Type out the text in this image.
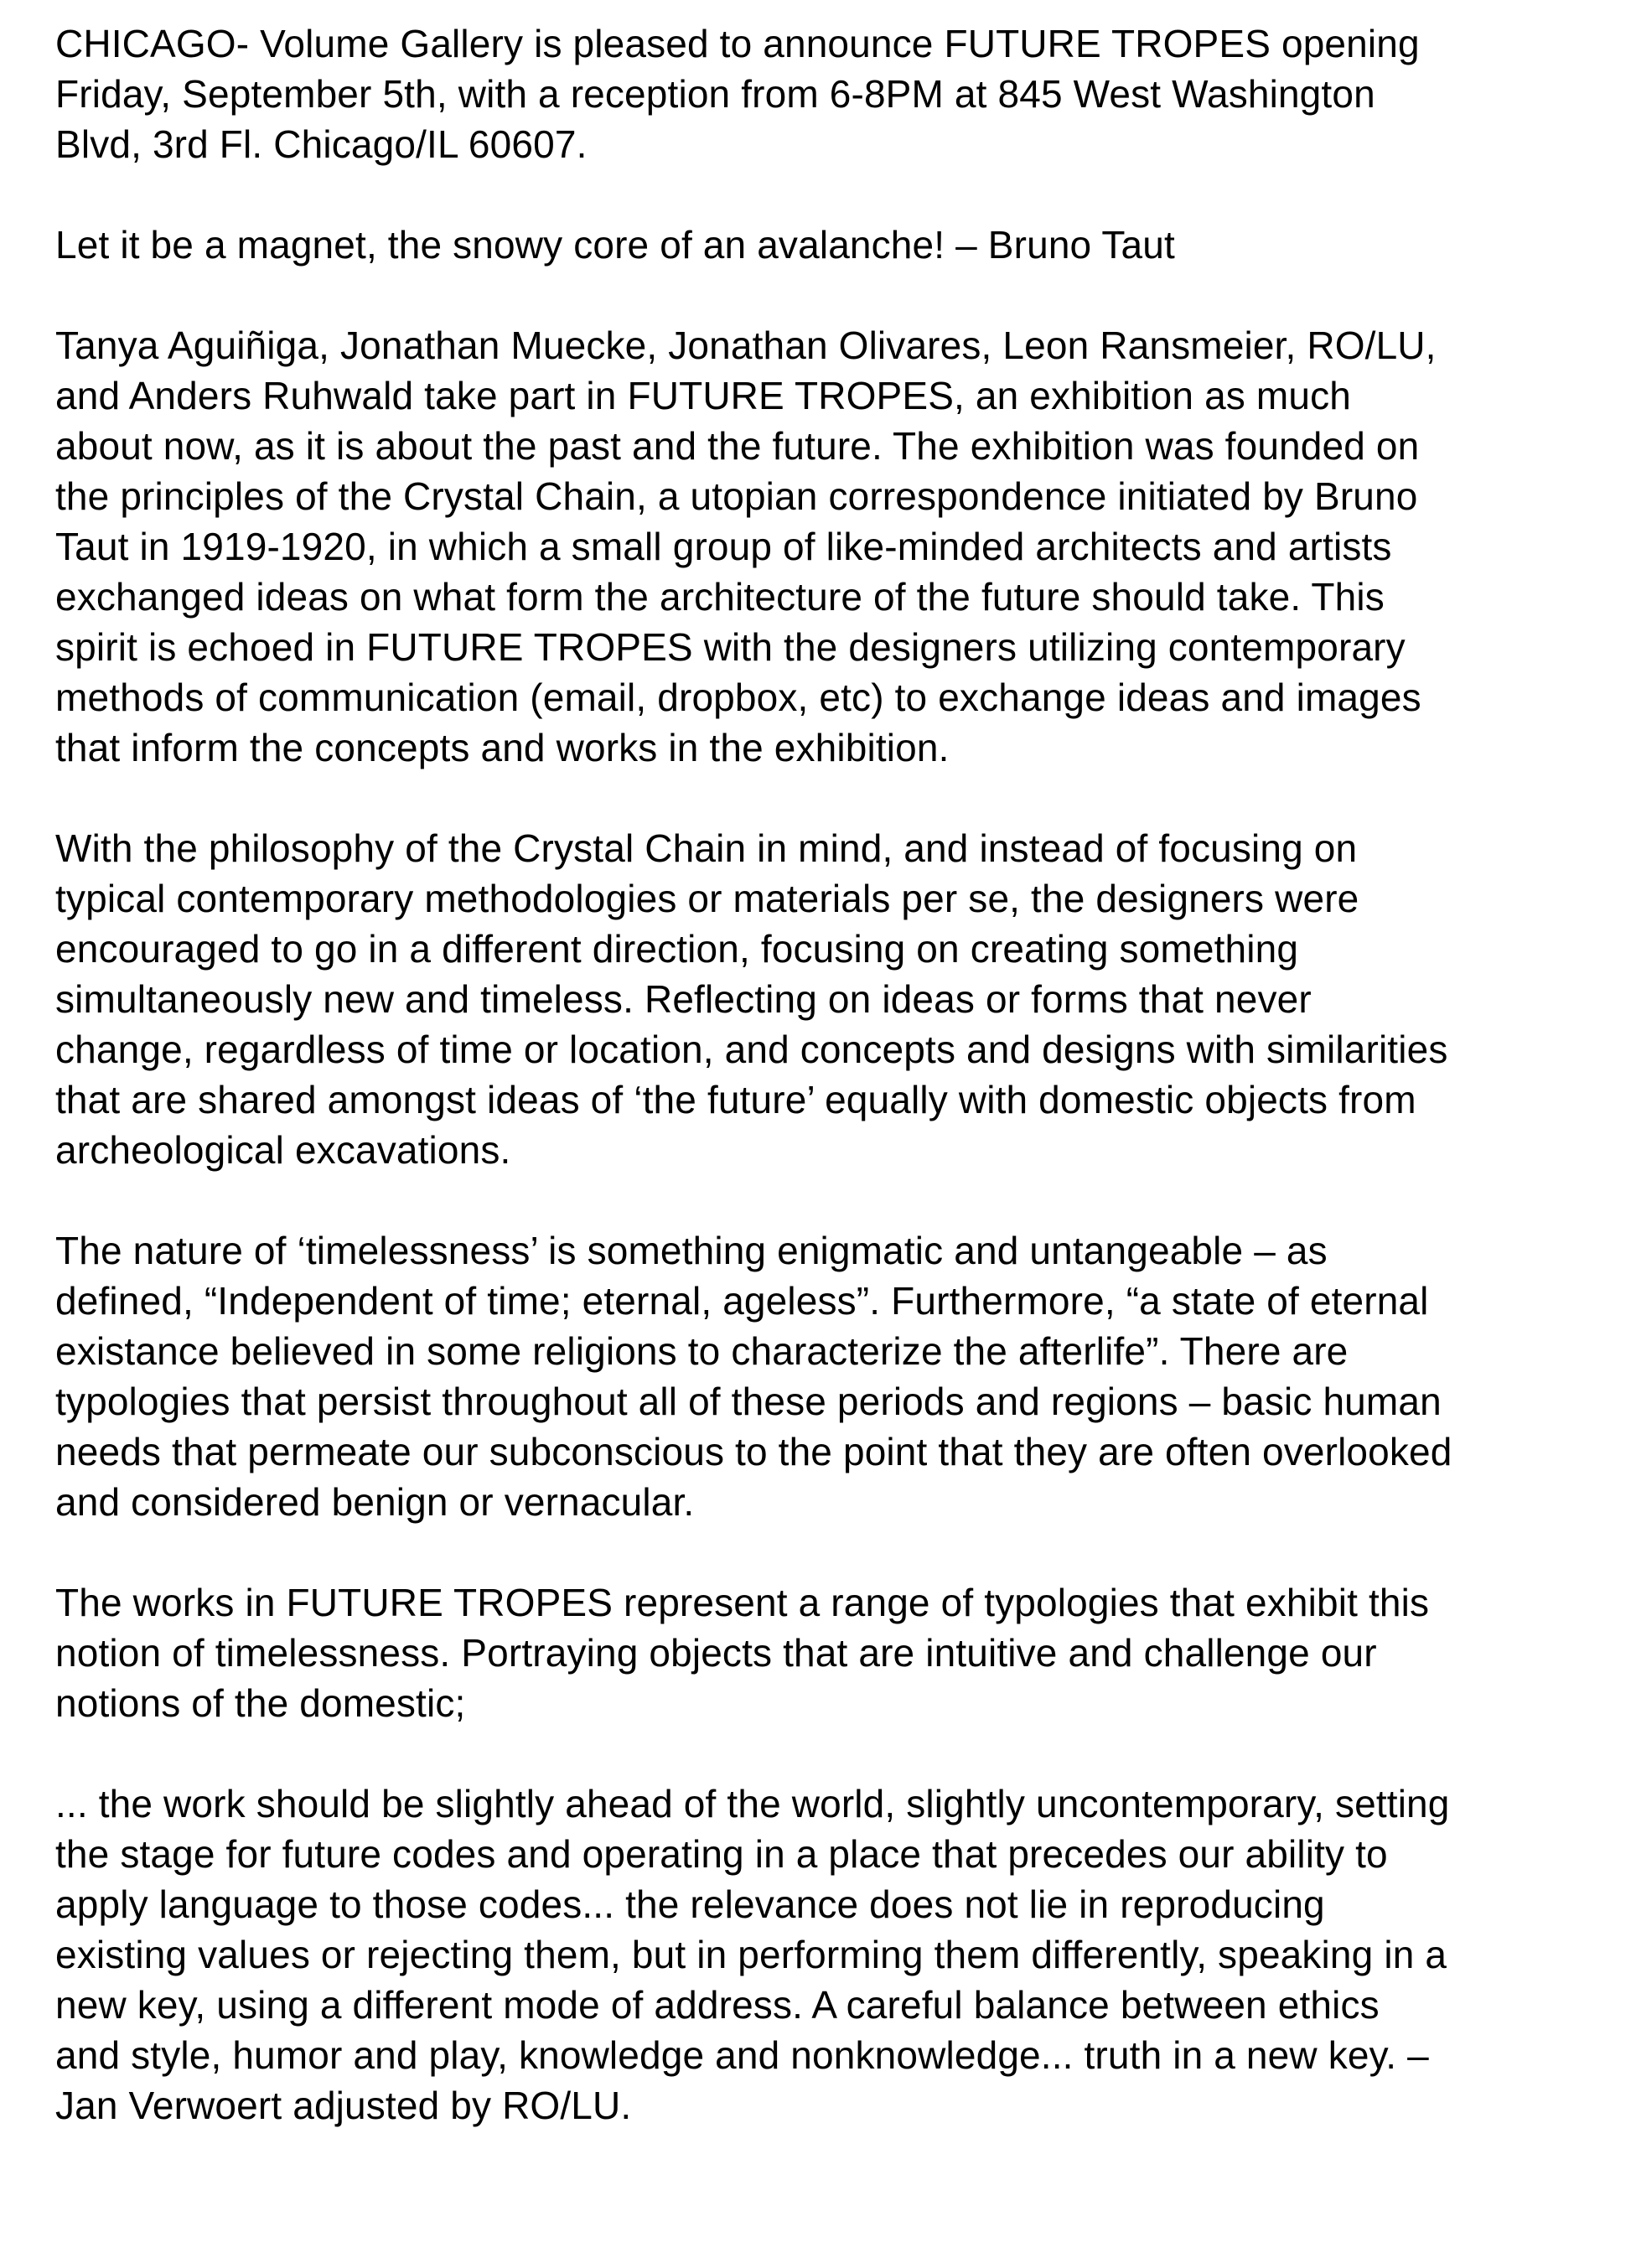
CHICAGO- Volume Gallery is pleased to announce FUTURE TROPES opening
Friday, September 5th, with a reception from 6-8PM at 845 West Washington
Blvd, 3rd Fl. Chicago/IL 60607.

Let it be a magnet, the snowy core of an avalanche! – Bruno Taut

Tanya Aguiñiga, Jonathan Muecke, Jonathan Olivares, Leon Ransmeier, RO/LU,
and Anders Ruhwald take part in FUTURE TROPES, an exhibition as much
about now, as it is about the past and the future. The exhibition was founded on
the principles of the Crystal Chain, a utopian correspondence initiated by Bruno
Taut in 1919-1920, in which a small group of like-minded architects and artists
exchanged ideas on what form the architecture of the future should take. This
spirit is echoed in FUTURE TROPES with the designers utilizing contemporary
methods of communication (email, dropbox, etc) to exchange ideas and images
that inform the concepts and works in the exhibition.

With the philosophy of the Crystal Chain in mind, and instead of focusing on
typical contemporary methodologies or materials per se, the designers were
encouraged to go in a different direction, focusing on creating something
simultaneously new and timeless. Reflecting on ideas or forms that never
change, regardless of time or location, and concepts and designs with similarities
that are shared amongst ideas of ‘the future’ equally with domestic objects from
archeological excavations.

The nature of ‘timelessness’ is something enigmatic and untangeable – as
defined, “Independent of time; eternal, ageless”. Furthermore, “a state of eternal
existance believed in some religions to characterize the afterlife”. There are
typologies that persist throughout all of these periods and regions – basic human
needs that permeate our subconscious to the point that they are often overlooked
and considered benign or vernacular.

The works in FUTURE TROPES represent a range of typologies that exhibit this
notion of timelessness. Portraying objects that are intuitive and challenge our
notions of the domestic;

... the work should be slightly ahead of the world, slightly uncontemporary, setting
the stage for future codes and operating in a place that precedes our ability to
apply language to those codes... the relevance does not lie in reproducing
existing values or rejecting them, but in performing them differently, speaking in a
new key, using a different mode of address. A careful balance between ethics
and style, humor and play, knowledge and nonknowledge... truth in a new key. –
Jan Verwoert adjusted by RO/LU.
